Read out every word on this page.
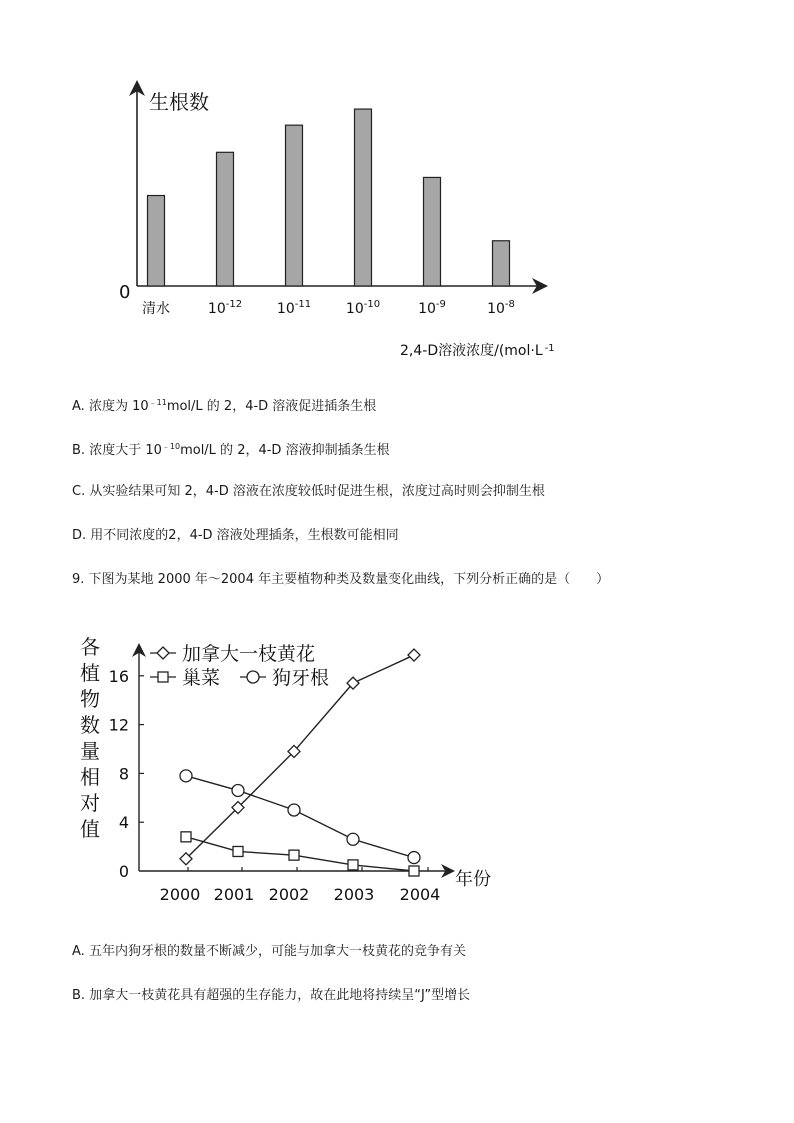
生根数
0
清水	$10^{-12}$ $10^{-11}$ $10^{-10}$	$10^{-9}$	$10^{-8}$
2,4-D溶液浓度/(mol·L $^{-1}$
A. 浓度为 $10^{﹣11}mol/L$ 的 2，4-D 溶液促进插条生根
B. 浓度大于 $10^{﹣10}mol/L$ 的 2，4-D 溶液抑制插条生根
C. 从实验结果可知 2，4-D 溶液在浓度较低时促进生根，浓度过高时则会抑制生根
D. 用不同浓度的2，4-D 溶液处理插条，生根数可能相同
9. 下图为某地 2000 年～2004 年主要植物种类及数量变化曲线，下列分析正确的是（　　）
各
植
物
数
量
相
对
值
年份
0
4
8
12
16
2000 2001 2002 2003 2004
加拿大一枝黄花
巢菜	狗牙根
A. 五年内狗牙根的数量不断减少，可能与加拿大一枝黄花的竞争有关
B. 加拿大一枝黄花具有超强的生存能力，故在此地将持续呈“J”型增长
